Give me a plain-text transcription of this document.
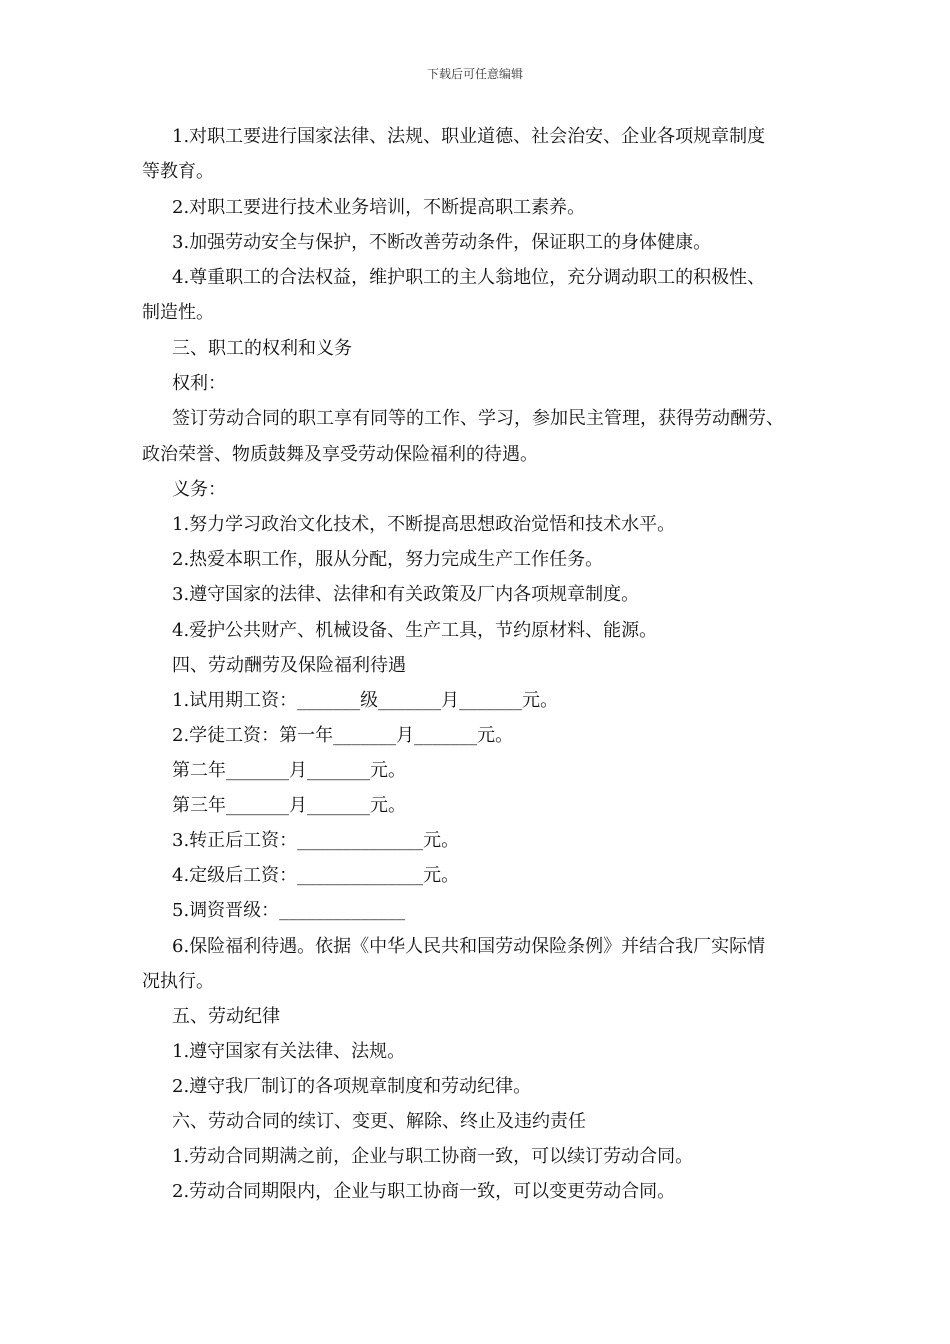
下载后可任意编辑
1.对职工要进行国家法律、法规、职业道德、社会治安、企业各项规章制度
等教育。
2.对职工要进行技术业务培训，不断提高职工素养。
3.加强劳动安全与保护，不断改善劳动条件，保证职工的身体健康。
4.尊重职工的合法权益，维护职工的主人翁地位，充分调动职工的积极性、
制造性。
三、职工的权利和义务
权利：
签订劳动合同的职工享有同等的工作、学习，参加民主管理，获得劳动酬劳、
政治荣誉、物质鼓舞及享受劳动保险福利的待遇。
义务：
1.努力学习政治文化技术，不断提高思想政治觉悟和技术水平。
2.热爱本职工作，服从分配，努力完成生产工作任务。
3.遵守国家的法律、法律和有关政策及厂内各项规章制度。
4.爱护公共财产、机械设备、生产工具，节约原材料、能源。
四、劳动酬劳及保险福利待遇
1.试用期工资：_______级_______月_______元。
2.学徒工资：第一年_______月_______元。
第二年_______月_______元。
第三年_______月_______元。
3.转正后工资：______________元。
4.定级后工资：______________元。
5.调资晋级：______________
6.保险福利待遇。依据《中华人民共和国劳动保险条例》并结合我厂实际情
况执行。
五、劳动纪律
1.遵守国家有关法律、法规。
2.遵守我厂制订的各项规章制度和劳动纪律。
六、劳动合同的续订、变更、解除、终止及违约责任
1.劳动合同期满之前，企业与职工协商一致，可以续订劳动合同。
2.劳动合同期限内，企业与职工协商一致，可以变更劳动合同。
